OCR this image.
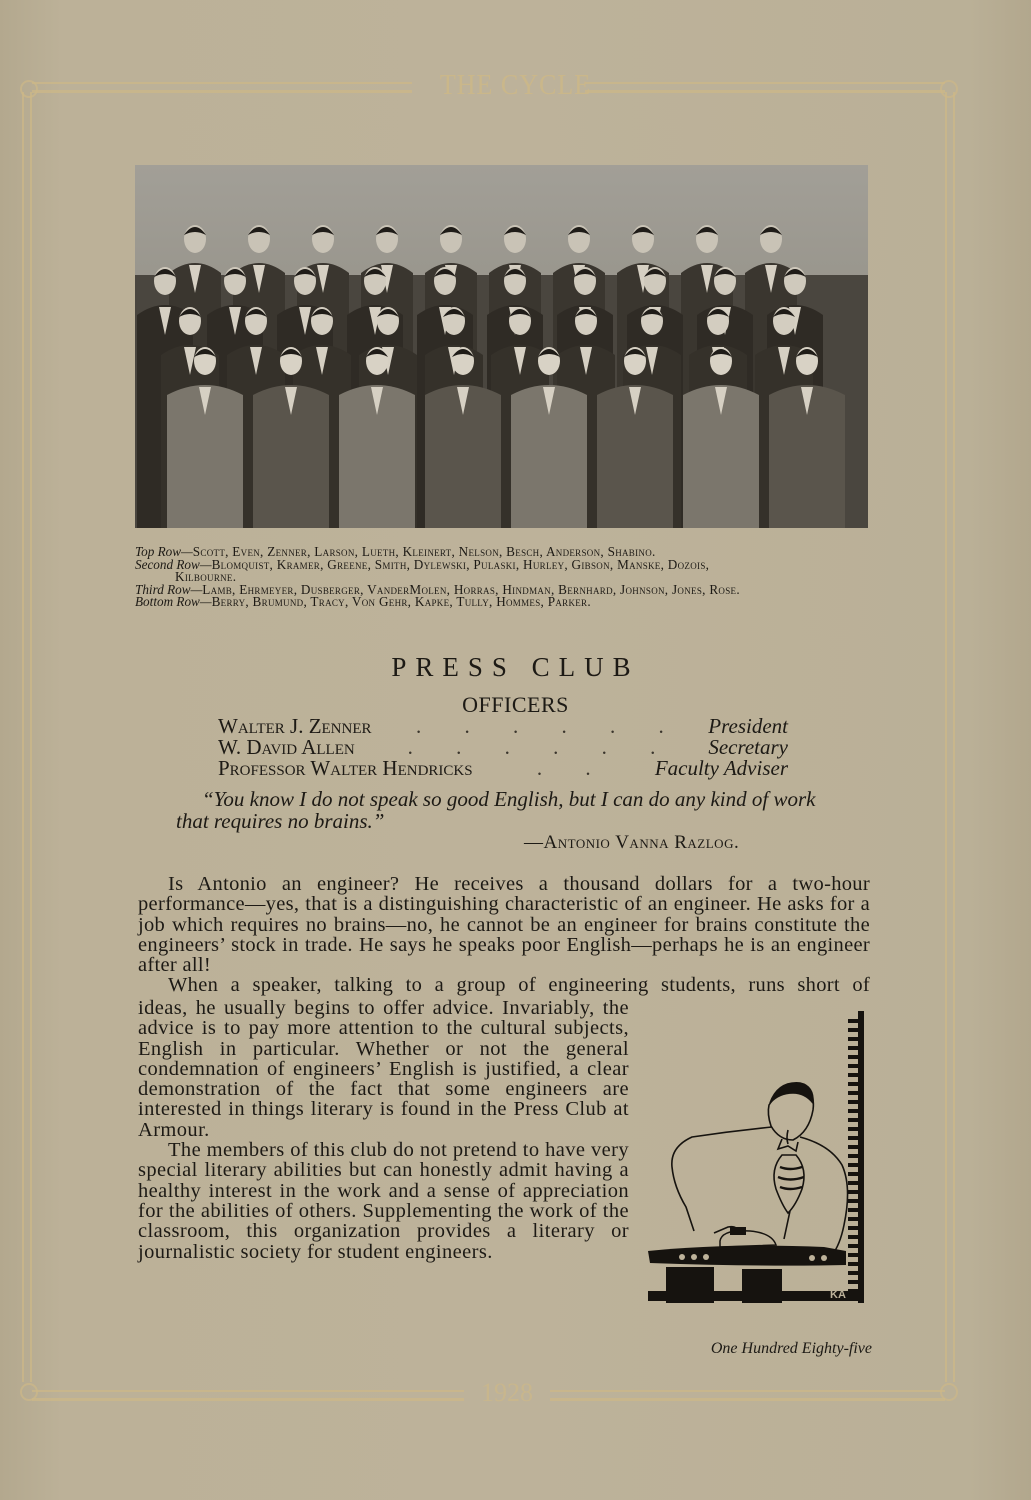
THE CYCLE
1928

Top Row—Scott, Even, Zenner, Larson, Lueth, Kleinert, Nelson, Besch, Anderson, Shabino.

Second Row—Blomquist, Kramer, Greene, Smith, Dylewski, Pulaski, Hurley, Gibson, Manske, Dozois,

Kilbourne.

Third Row—Lamb, Ehrmeyer, Dusberger, VanderMolen, Horras, Hindman, Bernhard, Johnson, Jones, Rose.

Bottom Row—Berry, Brumund, Tracy, Von Gehr, Kapke, Tully, Hommes, Parker.

PRESS CLUB
OFFICERS
Walter J. Zenner	. . . . . .	President
W. David Allen	. . . . . .	Secretary
Professor Walter Hendricks	. .	Faculty Adviser
“You know I do not speak so good English, but I can do any kind of work that requires no brains.”
—Antonio Vanna Razlog.

Is Antonio an engineer? He receives a thousand dollars for a two-hour performance—yes, that is a distinguishing characteristic of an engineer. He asks for a job which requires no brains—no, he cannot be an engineer for brains constitute the engineers’ stock in trade. He says he speaks poor English—perhaps he is an engineer after all!

When a speaker, talking to a group of engineering students, runs short of

ideas, he usually begins to offer advice. Invariably, the advice is to pay more attention to the cultural subjects, English in particular. Whether or not the general condemnation of engineers’ English is justified, a clear demonstration of the fact that some engineers are interested in things literary is found in the Press Club at Armour.

The members of this club do not pretend to have very special literary abilities but can honestly admit having a healthy interest in the work and a sense of appreciation for the abilities of others. Supplementing the work of the classroom, this organization provides a literary or journalistic society for student engineers.

KA
One Hundred Eighty-five
